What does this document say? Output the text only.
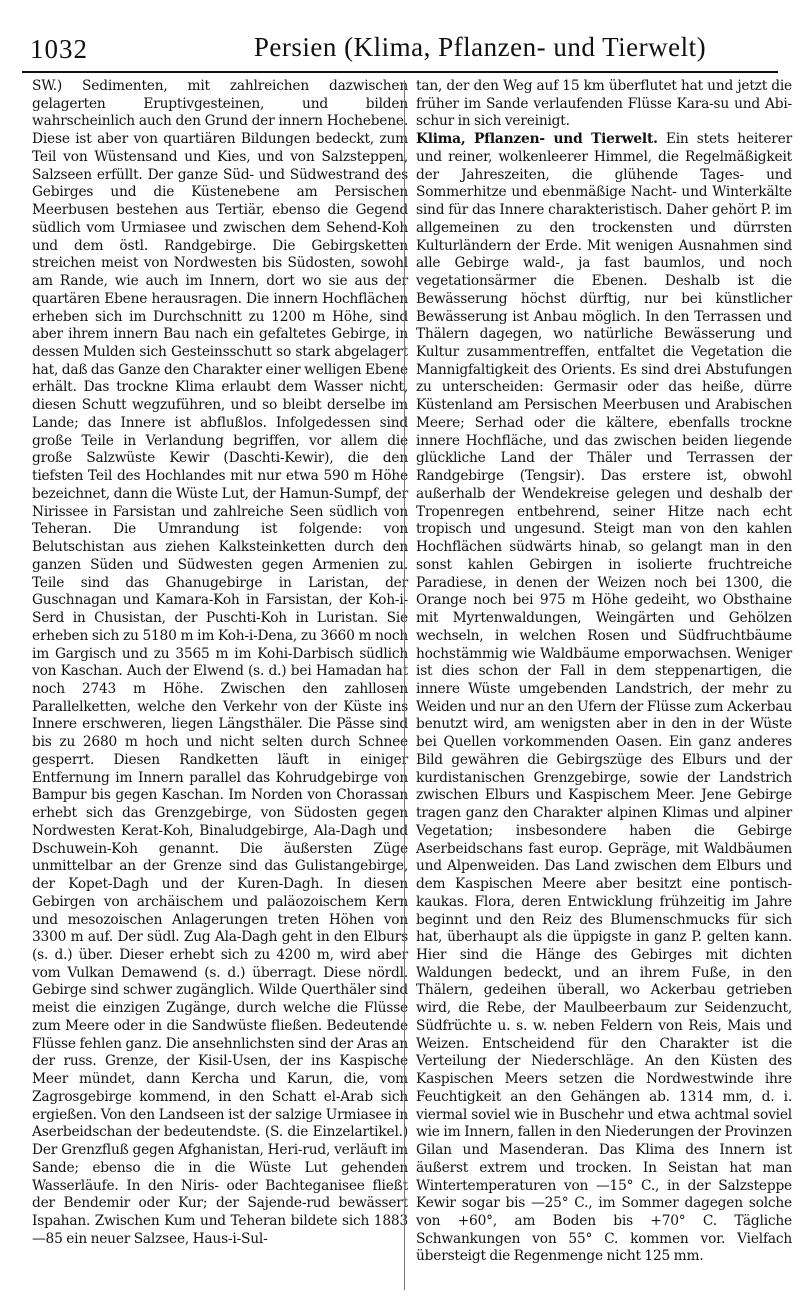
1032	Persien (Klima, Pflanzen- und Tierwelt)

SW.) Sedimenten, mit zahlreichen dazwischen gelagerten Eruptivgesteinen, und bilden wahrscheinlich auch den Grund der innern Hochebene. Diese ist aber von quartiären Bildungen bedeckt, zum Teil von Wüstensand und Kies, und von Salzsteppen, Salzseen erfüllt. Der ganze Süd- und Südwestrand des Gebirges und die Küstenebene am Persischen Meerbusen bestehen aus Tertiär, ebenso die Gegend südlich vom Urmiasee und zwischen dem Sehend-Koh und dem östl. Randgebirge. Die Gebirgsketten streichen meist von Nordwesten bis Südosten, sowohl am Rande, wie auch im Innern, dort wo sie aus der quartären Ebene herausragen. Die innern Hochflächen erheben sich im Durchschnitt zu 1200 m Höhe, sind aber ihrem innern Bau nach ein gefaltetes Gebirge, in dessen Mulden sich Gesteinsschutt so stark abgelagert hat, daß das Ganze den Charakter einer welligen Ebene erhält. Das trockne Klima erlaubt dem Wasser nicht, diesen Schutt wegzuführen, und so bleibt derselbe im Lande; das Innere ist abflußlos. Infolgedessen sind große Teile in Verlandung begriffen, vor allem die große Salzwüste Kewir (Daschti-Kewir), die den tiefsten Teil des Hochlandes mit nur etwa 590 m Höhe bezeichnet, dann die Wüste Lut, der Hamun-Sumpf, der Nirissee in Farsistan und zahlreiche Seen südlich von Teheran. Die Umrandung ist folgende: von Belutschistan aus ziehen Kalksteinketten durch den ganzen Süden und Südwesten gegen Armenien zu. Teile sind das Ghanugebirge in Laristan, der Guschnagan und Kamara-Koh in Farsistan, der Koh-i-Serd in Chusistan, der Puschti-Koh in Luristan. Sie erheben sich zu 5180 m im Koh-i-Dena, zu 3660 m noch im Gargisch und zu 3565 m im Kohi-Darbisch südlich von Kaschan. Auch der Elwend (s. d.) bei Hamadan hat noch 2743 m Höhe. Zwischen den zahllosen Parallelketten, welche den Verkehr von der Küste ins Innere erschweren, liegen Längsthäler. Die Pässe sind bis zu 2680 m hoch und nicht selten durch Schnee gesperrt. Diesen Randketten läuft in einiger Entfernung im Innern parallel das Kohrudgebirge von Bampur bis gegen Kaschan. Im Norden von Chorassan erhebt sich das Grenzgebirge, von Südosten gegen Nordwesten Kerat-Koh, Binaludgebirge, Ala-Dagh und Dschuwein-Koh genannt. Die äußersten Züge unmittelbar an der Grenze sind das Gulistangebirge, der Kopet-Dagh und der Kuren-Dagh. In diesen Gebirgen von archäischem und paläozoischem Kern und mesozoischen Anlagerungen treten Höhen von 3300 m auf. Der südl. Zug Ala-Dagh geht in den Elburs (s. d.) über. Dieser erhebt sich zu 4200 m, wird aber vom Vulkan Demawend (s. d.) überragt. Diese nördl. Gebirge sind schwer zugänglich. Wilde Querthäler sind meist die einzigen Zugänge, durch welche die Flüsse zum Meere oder in die Sandwüste fließen. Bedeutende Flüsse fehlen ganz. Die ansehnlichsten sind der Aras an der russ. Grenze, der Kisil-Usen, der ins Kaspische Meer mündet, dann Kercha und Karun, die, vom Zagrosgebirge kommend, in den Schatt el-Arab sich ergießen. Von den Landseen ist der salzige Urmiasee in Aserbeidschan der bedeutendste. (S. die Einzelartikel.) Der Grenzfluß gegen Afghanistan, Heri-rud, verläuft im Sande; ebenso die in die Wüste Lut gehenden Wasserläufe. In den Niris- oder Bachteganisee fließt der Bendemir oder Kur; der Sajende-rud bewässert Ispahan. Zwischen Kum und Teheran bildete sich 1883—85 ein neuer Salzsee, Haus-i-Sul-

tan, der den Weg auf 15 km überflutet hat und jetzt die früher im Sande verlaufenden Flüsse Kara-su und Abi-schur in sich vereinigt.

Klima, Pflanzen- und Tierwelt. Ein stets heiterer und reiner, wolkenleerer Himmel, die Regelmäßigkeit der Jahreszeiten, die glühende Tages- und Sommerhitze und ebenmäßige Nacht- und Winterkälte sind für das Innere charakteristisch. Daher gehört P. im allgemeinen zu den trockensten und dürrsten Kulturländern der Erde. Mit wenigen Ausnahmen sind alle Gebirge wald-, ja fast baumlos, und noch vegetationsärmer die Ebenen. Deshalb ist die Bewässerung höchst dürftig, nur bei künstlicher Bewässerung ist Anbau möglich. In den Terrassen und Thälern dagegen, wo natürliche Bewässerung und Kultur zusammentreffen, entfaltet die Vegetation die Mannigfaltigkeit des Orients. Es sind drei Abstufungen zu unterscheiden: Germasir oder das heiße, dürre Küstenland am Persischen Meerbusen und Arabischen Meere; Serhad oder die kältere, ebenfalls trockne innere Hochfläche, und das zwischen beiden liegende glückliche Land der Thäler und Terrassen der Randgebirge (Tengsir). Das erstere ist, obwohl außerhalb der Wendekreise gelegen und deshalb der Tropenregen entbehrend, seiner Hitze nach echt tropisch und ungesund. Steigt man von den kahlen Hochflächen südwärts hinab, so gelangt man in den sonst kahlen Gebirgen in isolierte fruchtreiche Paradiese, in denen der Weizen noch bei 1300, die Orange noch bei 975 m Höhe gedeiht, wo Obsthaine mit Myrtenwaldungen, Weingärten und Gehölzen wechseln, in welchen Rosen und Südfruchtbäume hochstämmig wie Waldbäume emporwachsen. Weniger ist dies schon der Fall in dem steppenartigen, die innere Wüste umgebenden Landstrich, der mehr zu Weiden und nur an den Ufern der Flüsse zum Ackerbau benutzt wird, am wenigsten aber in den in der Wüste bei Quellen vorkommenden Oasen. Ein ganz anderes Bild gewähren die Gebirgszüge des Elburs und der kurdistanischen Grenzgebirge, sowie der Landstrich zwischen Elburs und Kaspischem Meer. Jene Gebirge tragen ganz den Charakter alpinen Klimas und alpiner Vegetation; insbesondere haben die Gebirge Aserbeidschans fast europ. Gepräge, mit Waldbäumen und Alpenweiden. Das Land zwischen dem Elburs und dem Kaspischen Meere aber besitzt eine pontisch-kaukas. Flora, deren Entwicklung frühzeitig im Jahre beginnt und den Reiz des Blumenschmucks für sich hat, überhaupt als die üppigste in ganz P. gelten kann. Hier sind die Hänge des Gebirges mit dichten Waldungen bedeckt, und an ihrem Fuße, in den Thälern, gedeihen überall, wo Ackerbau getrieben wird, die Rebe, der Maulbeerbaum zur Seidenzucht, Südfrüchte u. s. w. neben Feldern von Reis, Mais und Weizen. Entscheidend für den Charakter ist die Verteilung der Niederschläge. An den Küsten des Kaspischen Meers setzen die Nordwestwinde ihre Feuchtigkeit an den Gehängen ab. 1314 mm, d. i. viermal soviel wie in Buschehr und etwa achtmal soviel wie im Innern, fallen in den Niederungen der Provinzen Gilan und Masenderan. Das Klima des Innern ist äußerst extrem und trocken. In Seistan hat man Wintertemperaturen von —15° C., in der Salzsteppe Kewir sogar bis —25° C., im Sommer dagegen solche von +60°, am Boden bis +70° C. Tägliche Schwankungen von 55° C. kommen vor. Vielfach übersteigt die Regenmenge nicht 125 mm.
